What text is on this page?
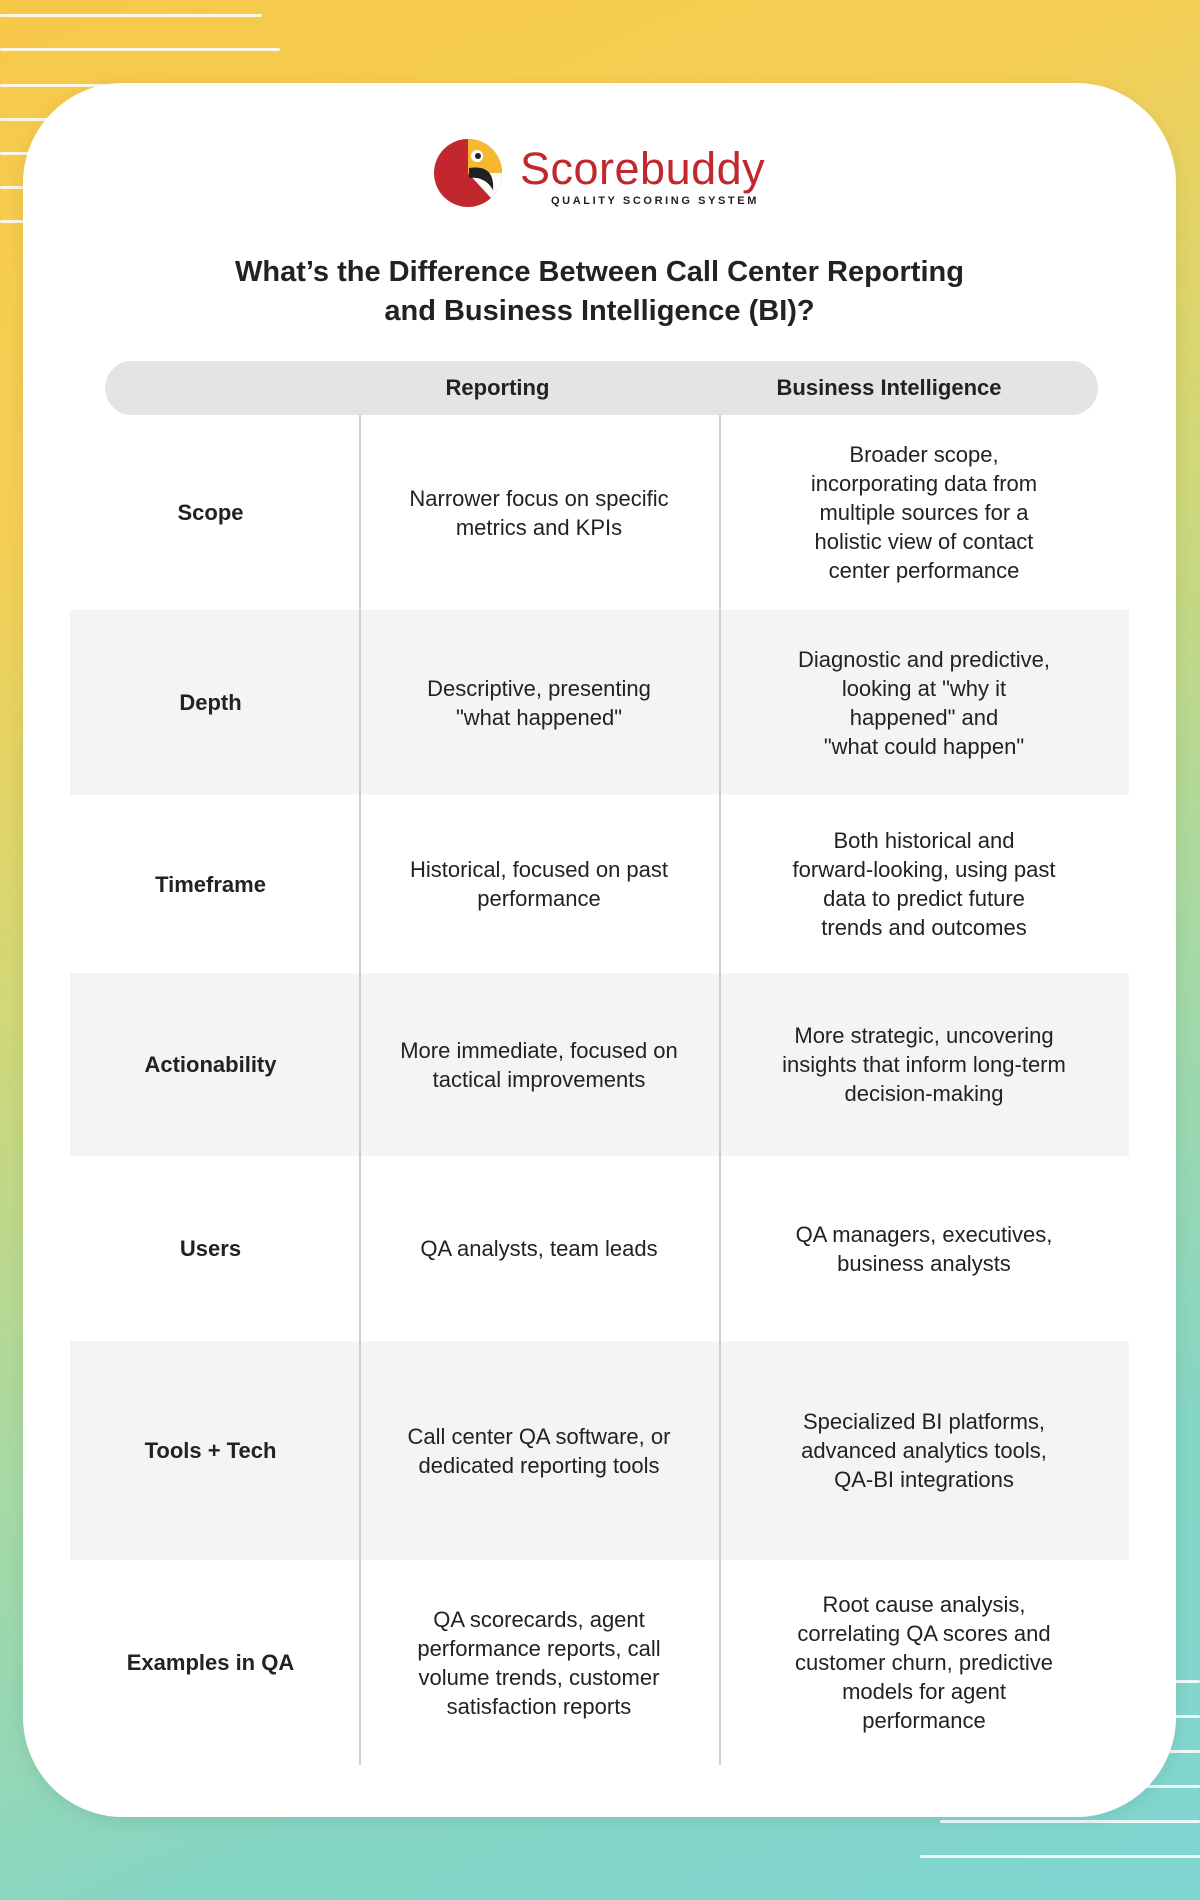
Scorebuddy
QUALITY SCORING SYSTEM
What’s the Difference Between Call Center Reporting
and Business Intelligence (BI)?
Reporting	Business Intelligence
Scope
Narrower focus on specific
metrics and KPIs
Broader scope,
incorporating data from
multiple sources for a
holistic view of contact
center performance
Depth
Descriptive, presenting
"what happened"
Diagnostic and predictive,
looking at "why it
happened" and
"what could happen"
Timeframe
Historical, focused on past
performance
Both historical and
forward-looking, using past
data to predict future
trends and outcomes
Actionability
More immediate, focused on
tactical improvements
More strategic, uncovering
insights that inform long-term
decision-making
Users	QA analysts, team leads
QA managers, executives,
business analysts
Tools + Tech
Call center QA software, or
dedicated reporting tools
Specialized BI platforms,
advanced analytics tools,
QA-BI integrations
Examples in QA
QA scorecards, agent
performance reports, call
volume trends, customer
satisfaction reports
Root cause analysis,
correlating QA scores and
customer churn, predictive
models for agent
performance
